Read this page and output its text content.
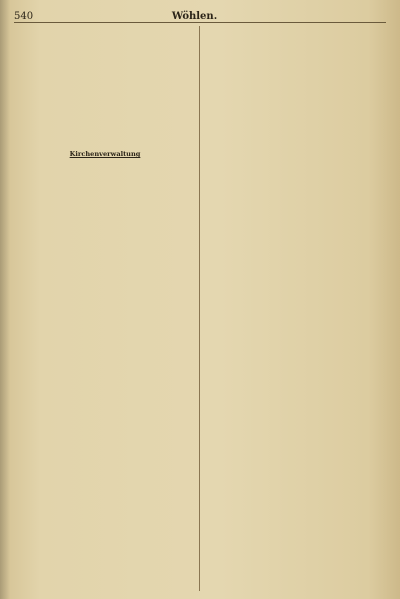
540	Wöhlen.
Kirchenverwaltung
